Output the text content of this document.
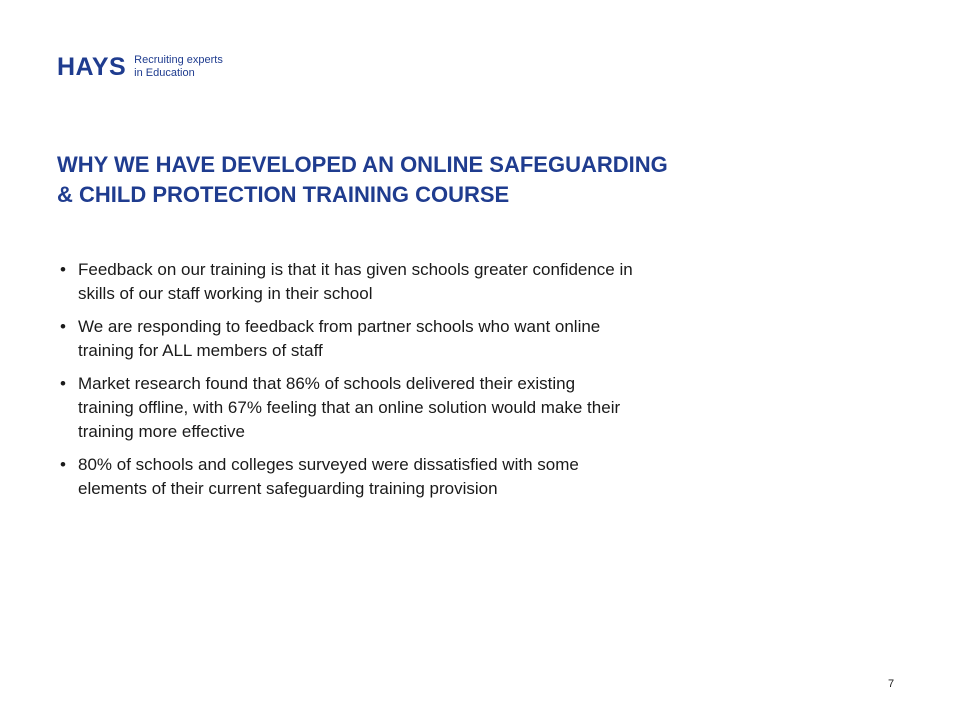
HAYS Recruiting experts
in Education
WHY WE HAVE DEVELOPED AN ONLINE SAFEGUARDING
& CHILD PROTECTION TRAINING COURSE
• Feedback on our training is that it has given schools greater confidence in
skills of our staff working in their school
• We are responding to feedback from partner schools who want online
training for ALL members of staff
• Market research found that 86% of schools delivered their existing
training offline, with 67% feeling that an online solution would make their
training more effective
• 80% of schools and colleges surveyed were dissatisfied with some
elements of their current safeguarding training provision
7
